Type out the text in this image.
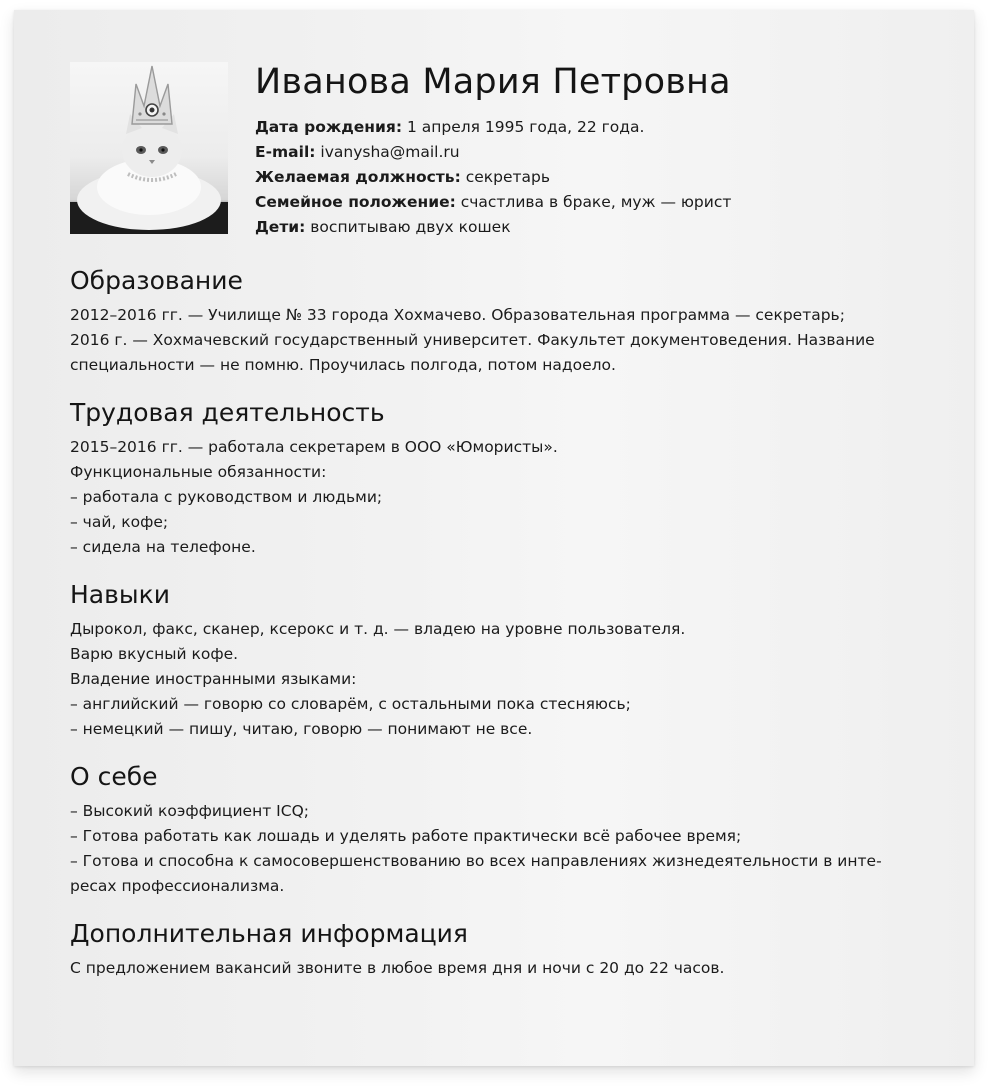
Иванова Мария Петровна
Дата рождения: 1 апреля 1995 года, 22 года.
E-mail: ivanysha@mail.ru
Желаемая должность: секретарь
Семейное положение: счастлива в браке, муж — юрист
Дети: воспитываю двух кошек
Образование
2012–2016 гг. — Училище № 33 города Хохмачево. Образовательная программа — секретарь;
2016 г. — Хохмачевский государственный университет. Факультет документоведения. Название
специальности — не помню. Проучилась полгода, потом надоело.
Трудовая деятельность
2015–2016 гг. — работала секретарем в ООО «Юмористы».
Функциональные обязанности:
– работала с руководством и людьми;
– чай, кофе;
– сидела на телефоне.
Навыки
Дырокол, факс, сканер, ксерокс и т. д. — владею на уровне пользователя.
Варю вкусный кофе.
Владение иностранными языками:
– английский — говорю со словарём, с остальными пока стесняюсь;
– немецкий — пишу, читаю, говорю — понимают не все.
О себе
– Высокий коэффициент ICQ;
– Готова работать как лошадь и уделять работе практически всё рабочее время;
– Готова и способна к самосовершенствованию во всех направлениях жизнедеятельности в инте-
ресах профессионализма.
Дополнительная информация
С предложением вакансий звоните в любое время дня и ночи с 20 до 22 часов.
